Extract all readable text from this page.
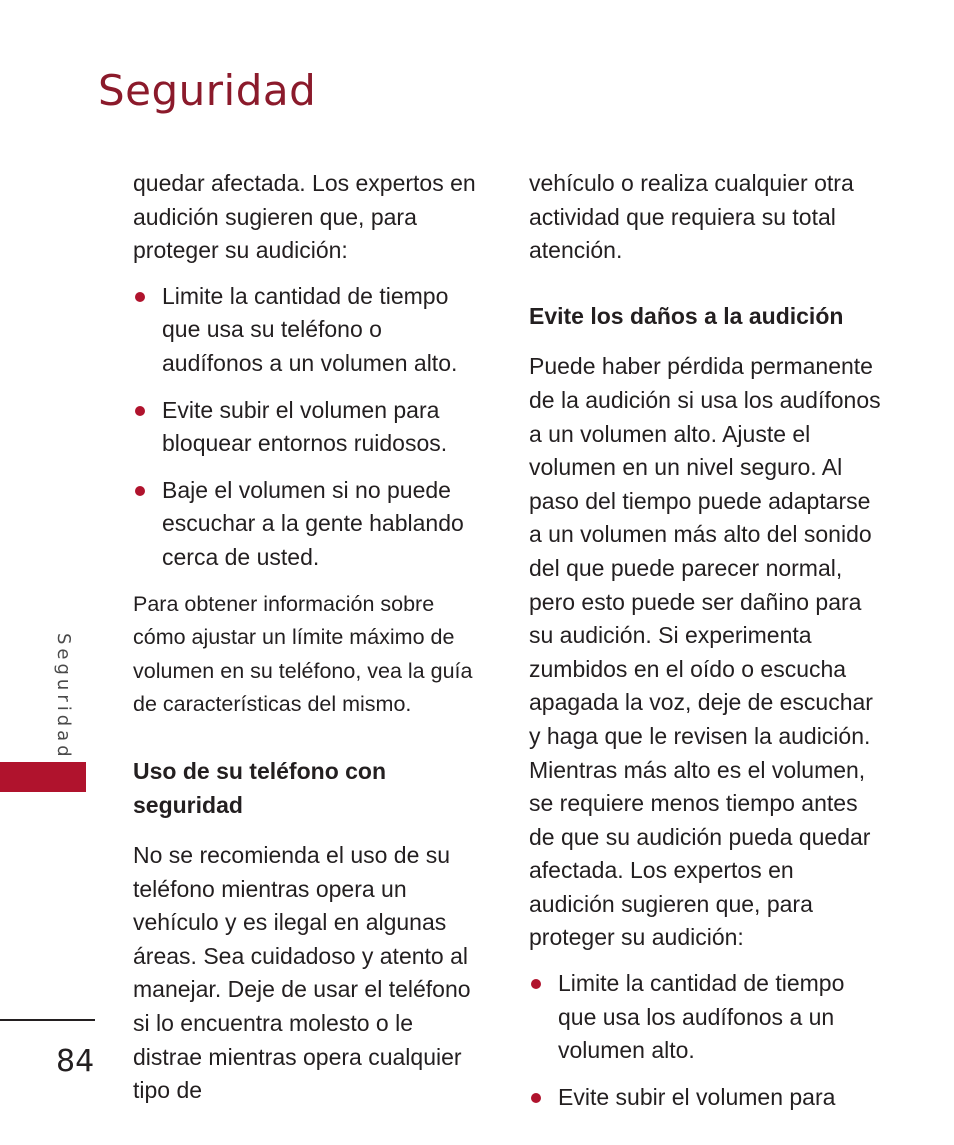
Seguridad
Seguridad

quedar afectada. Los expertos en audición sugieren que, para proteger su audición:

Limite la cantidad de tiempo que usa su teléfono o audífonos a un volumen alto.
Evite subir el volumen para bloquear entornos ruidosos.
Baje el volumen si no puede escuchar a la gente hablando cerca de usted.

Para obtener información sobre cómo ajustar un límite máximo de volumen en su teléfono, vea la guía de características del mismo.

Uso de su teléfono con seguridad

No se recomienda el uso de su teléfono mientras opera un vehículo y es ilegal en algunas áreas. Sea cuidadoso y atento al manejar. Deje de usar el teléfono si lo encuentra molesto o le distrae mientras opera cualquier tipo de

vehículo o realiza cualquier otra actividad que requiera su total atención.

Evite los daños a la audición

Puede haber pérdida permanente de la audición si usa los audífonos a un volumen alto. Ajuste el volumen en un nivel seguro. Al paso del tiempo puede adaptarse a un volumen más alto del sonido del que puede parecer normal, pero esto puede ser dañino para su audición. Si experimenta zumbidos en el oído o escucha apagada la voz, deje de escuchar y haga que le revisen la audición. Mientras más alto es el volumen, se requiere menos tiempo antes de que su audición pueda quedar afectada. Los expertos en audición sugieren que, para proteger su audición:

Limite la cantidad de tiempo que usa los audífonos a un volumen alto.
Evite subir el volumen para
84
